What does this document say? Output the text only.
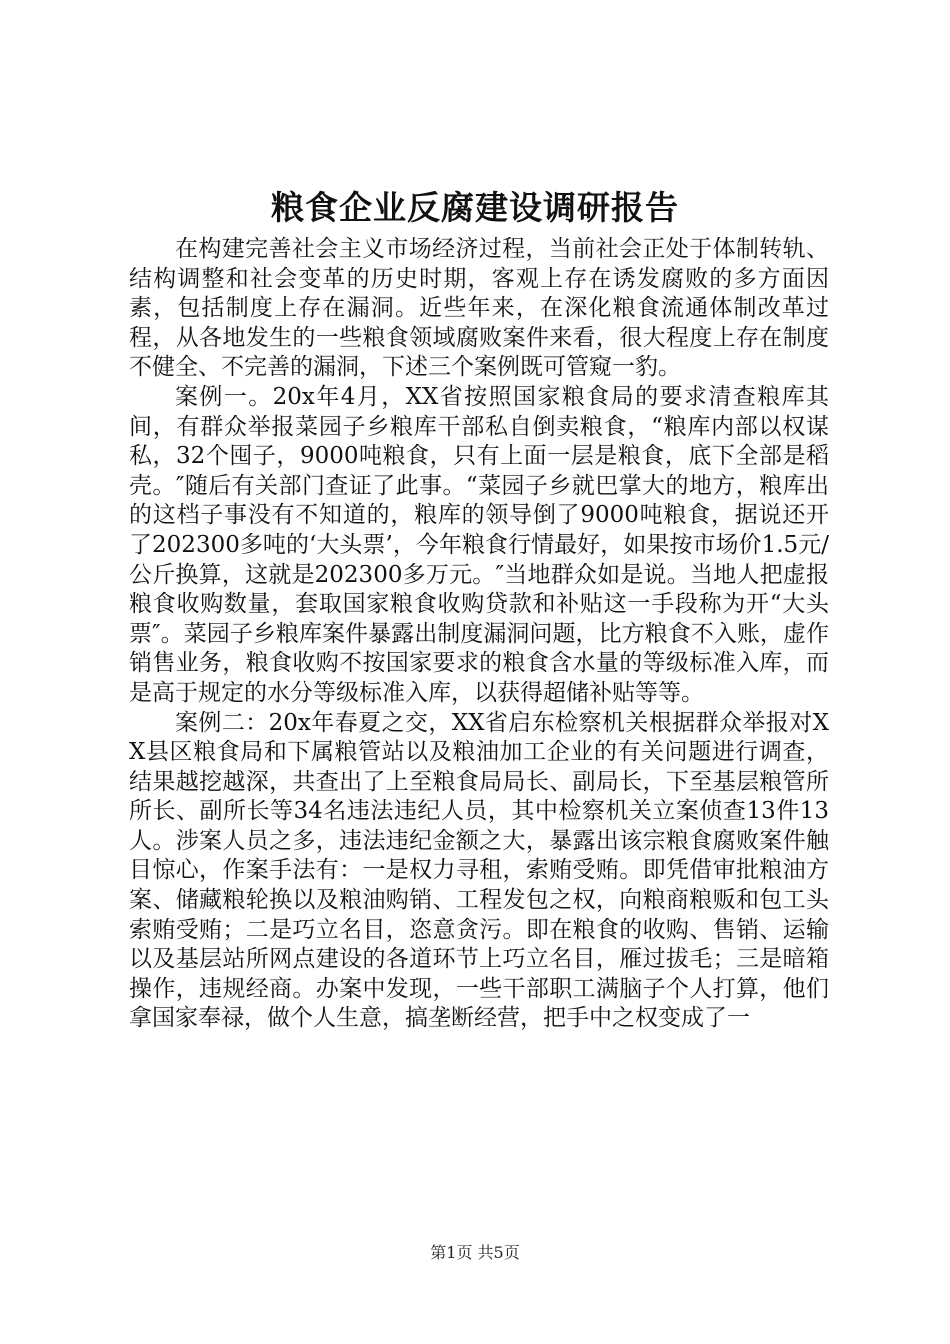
粮食企业反腐建设调研报告

在构建完善社会主义市场经济过程，当前社会正处于体制转轨、结构调整和社会变革的历史时期，客观上存在诱发腐败的多方面因素，包括制度上存在漏洞。近些年来，在深化粮食流通体制改革过程，从各地发生的一些粮食领域腐败案件来看，很大程度上存在制度不健全、不完善的漏洞，下述三个案例既可管窥一豹。

案例一。20x年4月，XX省按照国家粮食局的要求清查粮库其间，有群众举报菜园子乡粮库干部私自倒卖粮食，“粮库内部以权谋私，32个囤子，9000吨粮食，只有上面一层是粮食，底下全部是稻壳。″随后有关部门查证了此事。“菜园子乡就巴掌大的地方，粮库出的这档子事没有不知道的，粮库的领导倒了9000吨粮食，据说还开了202300多吨的‘大头票’，今年粮食行情最好，如果按市场价1.5元/公斤换算，这就是202300多万元。″当地群众如是说。当地人把虚报粮食收购数量，套取国家粮食收购贷款和补贴这一手段称为开“大头票″。菜园子乡粮库案件暴露出制度漏洞问题，比方粮食不入账，虚作销售业务，粮食收购不按国家要求的粮食含水量的等级标准入库，而是高于规定的水分等级标准入库，以获得超储补贴等等。

案例二：20x年春夏之交，XX省启东检察机关根据群众举报对XX县区粮食局和下属粮管站以及粮油加工企业的有关问题进行调查，结果越挖越深，共查出了上至粮食局局长、副局长，下至基层粮管所所长、副所长等34名违法违纪人员，其中检察机关立案侦查13件13人。涉案人员之多，违法违纪金额之大，暴露出该宗粮食腐败案件触目惊心，作案手法有：一是权力寻租，索贿受贿。即凭借审批粮油方案、储藏粮轮换以及粮油购销、工程发包之权，向粮商粮贩和包工头索贿受贿；二是巧立名目，恣意贪污。即在粮食的收购、售销、运输以及基层站所网点建设的各道环节上巧立名目，雁过拔毛；三是暗箱操作，违规经商。办案中发现，一些干部职工满脑子个人打算，他们拿国家奉禄，做个人生意，搞垄断经营，把手中之权变成了一

第1页 共5页
